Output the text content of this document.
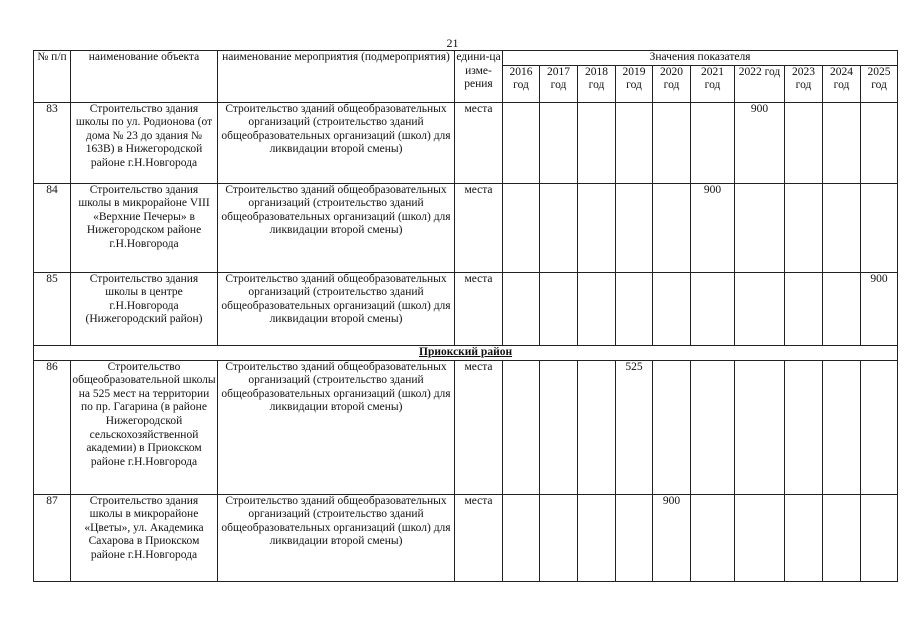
21
№ п/п	наименование объекта	наименование мероприятия (подмероприятия)	едини-ца изме-рения	Значения показателя									
				2016 год	2017 год	2018 год	2019 год	2020 год	2021 год	2022 год	2023 год	2024 год	2025 год
83	Строительство здания школы по ул. Родионова (от дома № 23 до здания № 163В) в Нижегородской районе г.Н.Новгорода	Строительство зданий общеобразовательных организаций (строительство зданий общеобразовательных организаций (школ) для ликвидации второй смены)	места							900			
84	Строительство здания школы в микрорайоне VIII «Верхние Печеры» в Нижегородском районе г.Н.Новгорода	Строительство зданий общеобразовательных организаций (строительство зданий общеобразовательных организаций (школ) для ликвидации второй смены)	места						900				
85	Строительство здания школы в центре г.Н.Новгорода (Нижегородский район)	Строительство зданий общеобразовательных организаций (строительство зданий общеобразовательных организаций (школ) для ликвидации второй смены)	места										900
Приокский район													
86	Строительство общеобразовательной школы на 525 мест на территории по пр. Гагарина (в районе Нижегородской сельскохозяйственной академии) в Приокском районе г.Н.Новгорода	Строительство зданий общеобразовательных организаций (строительство зданий общеобразовательных организаций (школ) для ликвидации второй смены)	места				525						
87	Строительство здания школы в микрорайоне «Цветы», ул. Академика Сахарова в Приокском районе г.Н.Новгорода	Строительство зданий общеобразовательных организаций (строительство зданий общеобразовательных организаций (школ) для ликвидации второй смены)	места					900					
